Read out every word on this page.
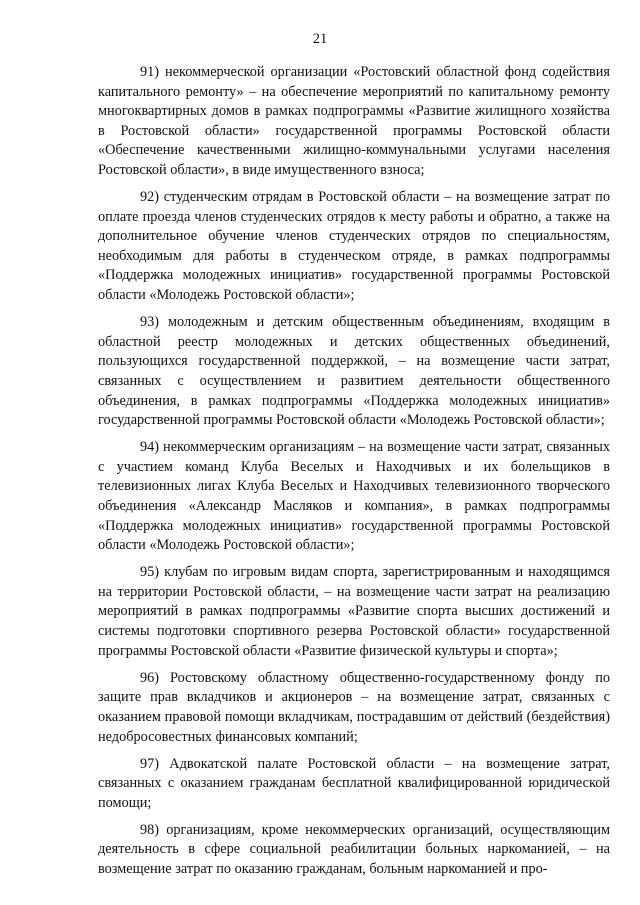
21

91) некоммерческой организации «Ростовский областной фонд содействия капитального ремонту» – на обеспечение мероприятий по капитальному ремонту многоквартирных домов в рамках подпрограммы «Развитие жилищного хозяйства в Ростовской области» государственной программы Ростовской области «Обеспечение качественными жилищно-коммунальными услугами населения Ростовской области», в виде имущественного взноса;

92) студенческим отрядам в Ростовской области – на возмещение затрат по оплате проезда членов студенческих отрядов к месту работы и обратно, а также на дополнительное обучение членов студенческих отрядов по специальностям, необходимым для работы в студенческом отряде, в рамках подпрограммы «Поддержка молодежных инициатив» государственной программы Ростовской области «Молодежь Ростовской области»;

93) молодежным и детским общественным объединениям, входящим в областной реестр молодежных и детских общественных объединений, пользующихся государственной поддержкой, – на возмещение части затрат, связанных с осуществлением и развитием деятельности общественного объединения, в рамках подпрограммы «Поддержка молодежных инициатив» государственной программы Ростовской области «Молодежь Ростовской области»;

94) некоммерческим организациям – на возмещение части затрат, связанных с участием команд Клуба Веселых и Находчивых и их болельщиков в телевизионных лигах Клуба Веселых и Находчивых телевизионного творческого объединения «Александр Масляков и компания», в рамках подпрограммы «Поддержка молодежных инициатив» государственной программы Ростовской области «Молодежь Ростовской области»;

95) клубам по игровым видам спорта, зарегистрированным и находящимся на территории Ростовской области, – на возмещение части затрат на реализацию мероприятий в рамках подпрограммы «Развитие спорта высших достижений и системы подготовки спортивного резерва Ростовской области» государственной программы Ростовской области «Развитие физической культуры и спорта»;

96) Ростовскому областному общественно-государственному фонду по защите прав вкладчиков и акционеров – на возмещение затрат, связанных с оказанием правовой помощи вкладчикам, пострадавшим от действий (бездействия) недобросовестных финансовых компаний;

97) Адвокатской палате Ростовской области – на возмещение затрат, связанных с оказанием гражданам бесплатной квалифицированной юридической помощи;

98) организациям, кроме некоммерческих организаций, осуществляющим деятельность в сфере социальной реабилитации больных наркоманией, – на возмещение затрат по оказанию гражданам, больным наркоманией и про-
